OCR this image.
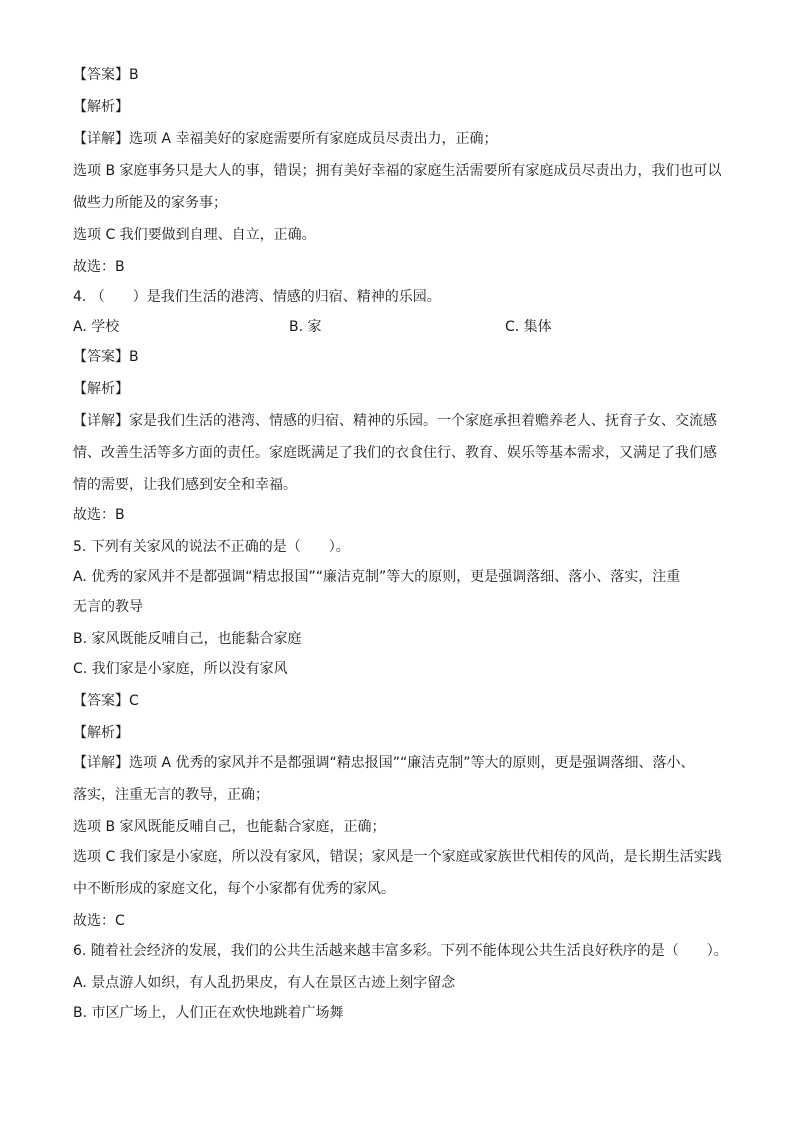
【答案】B
【解析】
【详解】选项 A 幸福美好的家庭需要所有家庭成员尽责出力，正确；
选项 B 家庭事务只是大人的事，错误；拥有美好幸福的家庭生活需要所有家庭成员尽责出力，我们也可以
做些力所能及的家务事；
选项 C 我们要做到自理、自立，正确。
故选：B
4. （　　）是我们生活的港湾、情感的归宿、精神的乐园。
A. 学校	B. 家	C. 集体
【答案】B
【解析】
【详解】家是我们生活的港湾、情感的归宿、精神的乐园。一个家庭承担着赡养老人、抚育子女、交流感
情、改善生活等多方面的责任。家庭既满足了我们的衣食住行、教育、娱乐等基本需求，又满足了我们感
情的需要，让我们感到安全和幸福。
故选：B
5. 下列有关家风的说法不正确的是（　　）。
A. 优秀的家风并不是都强调“精忠报国”“廉洁克制”等大的原则，更是强调落细、落小、落实，注重
无言的教导
B. 家风既能反哺自己，也能黏合家庭
C. 我们家是小家庭，所以没有家风
【答案】C
【解析】
【详解】选项 A 优秀的家风并不是都强调“精忠报国”“廉洁克制”等大的原则，更是强调落细、落小、
落实，注重无言的教导，正确；
选项 B 家风既能反哺自己，也能黏合家庭，正确；
选项 C 我们家是小家庭，所以没有家风，错误；家风是一个家庭或家族世代相传的风尚，是长期生活实践
中不断形成的家庭文化，每个小家都有优秀的家风。
故选：C
6. 随着社会经济的发展，我们的公共生活越来越丰富多彩。下列不能体现公共生活良好秩序的是（　　）。
A. 景点游人如织，有人乱扔果皮，有人在景区古迹上刻字留念
B. 市区广场上，人们正在欢快地跳着广场舞
